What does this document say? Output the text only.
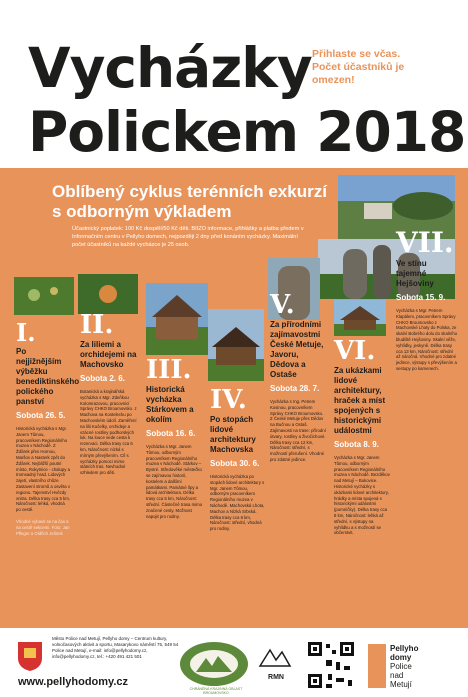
Vycházky
Polickem 2018
Přihlaste se včas. Počet účastníků je omezen!
Oblíbený cyklus terénních exkurzí s odborným výkladem
Účastnický poplatek: 100 Kč dospělí/50 Kč děti. BIIZO informace, přihlášky a platba předem v Informačním centru v Pellyho domech, nejpozději 2 dny před konáním vycházky. Maximální počet účastníků na každé vycházce je 25 osob.
I.
Po nejjižnějším výběžku benediktinského polického panství
Sobota 26. 5.
Historická vycházka s Mgr. Janem Tůmou, pracovníkem Regionálního muzea v Náchodě. Z Žďárek přes Hornou, Maršov a Nasterk zpět do Žďárek. Nejbližší poutní místo, Rokytnice - chalupy a tromsadný hrad. Lidových zajetí, vlastního chůze. Zastavení stromů a osvěta v regionu. Tajemství Hvězdy vnitra. Délka trasy cca 5 km, Náročnost: lehká, vhodná po cestě.
Vhodné vybavit se na čas a na cestě sekcemi. Foto: Jan Pfleger a Oldřich Jelínek
II.
Za liliemi a orchidejemi na Machovsko
Sobota 2. 6.
Botanická a krajinářská vycházka s Mgr. Zdeňkou Kolomrazovou, pracovnicí Správy CHKO Broumovsko. z Machova na Kostelecku po Machovském údolí. Zaměření na lilii Kučelky, orchideje a vzácné rostliny podhorských luk. Na louce vede cesta k rezervaci. Délka trasy cca 6 km, Náročnost: nízká s mírným převýšením. Cíl s vycházky pomoci mimo státních tras. Nevhodné vzhledem pro děti.
III.
Historická vycházka Stárkovem a okolím
Sobota 16. 6.
Vycházka s Mgr. Janem Tůmou, odborným pracovníkem Regionálního muzea v Náchodě. Stárkov – Bystré. Středověké městečko se zajímavou historií, kostelem a dalšími památkami. Památné lípy a lidová architektura. Délka trasy cca 5 km, Náročnost: střední. Částečně trasa mimo značené cesty. Možnost napojit pro rodiny.
IV.
Po stopách lidové architektury Machovska
Sobota 30. 6.
Historická vycházka po stopách lidové architektury s Mgr. Janem Tůmou, odborným pracovníkem Regionálního muzea v Náchodě. Machovská Lhota, Machov a Nízká Srbská. Délka trasy cca 6 km, Náročnost: střední, vhodná pro rodiny.
V.
Za přírodními zajímavostmi České Metuje, Javoru, Dědova a Ostaše
Sobota 28. 7.
Vycházka s Ing. Petrem Kosinou, pracovníkem Správy CHKO Broumovsko. Z České Metuje přes Dědov na Bučnou a Ostaš. Zajímavosti na trase: přírodní útvary, rostliny a živočichové. Délka trasy cca 12 km, Náročnost: střední, s možností přerušení. Vhodné pro zdatné jedince.
VI.
Za ukázkami lidové architektury, hraček a míst spojených s historickými událostmi
Sobota 8. 9.
Vycházka s Mgr. Janem Tůmou, odborným pracovníkem Regionálního muzea v Náchodě. Bezděkov nad Metují – Bukovice. Historické vycházky s ukázkami lidové architektury, hrádky a místa spojená s historickými událostmi (pomníčky). Délka trasy cca 8 km, Náročnost: lehká až střední, s výstupy na vyhlídku a s možností se občerstvit.
VII.
Ve stínu tajemné Hejšoviny
Sobota 15. 9.
Vycházka s Mgr. Petrem Klapálem, pracovníkem Správy CHKO Broumovsko z Machovské Lhoty do Polska, ze skalní Bobrého dolu do skalního bludiště Hejšoviny. Skalní věže, vyhlídky, jeskyně. Délka trasy cca 13 km, Náročnost: střední až náročná. Vhodné pro zdatné jedince, výstupy s převýšením a sestupy po kamenech.
Město Police nad Metují, Pellyho domy – Centrum kultury, volnočasových aktivit a sportu, Masarykovo náměstí 75, 549 54 Police nad Metují, e-mail: info@pellyhodomy.cz, info@pellyhodomy.cz, tel.: +420 491 421 501
www.pellyhodomy.cz
CHRÁNĚNÁ KRAJINNÁ OBLAST BROUMOVSKO
RMN
Pellyho
domy
Police
nad
Metují
